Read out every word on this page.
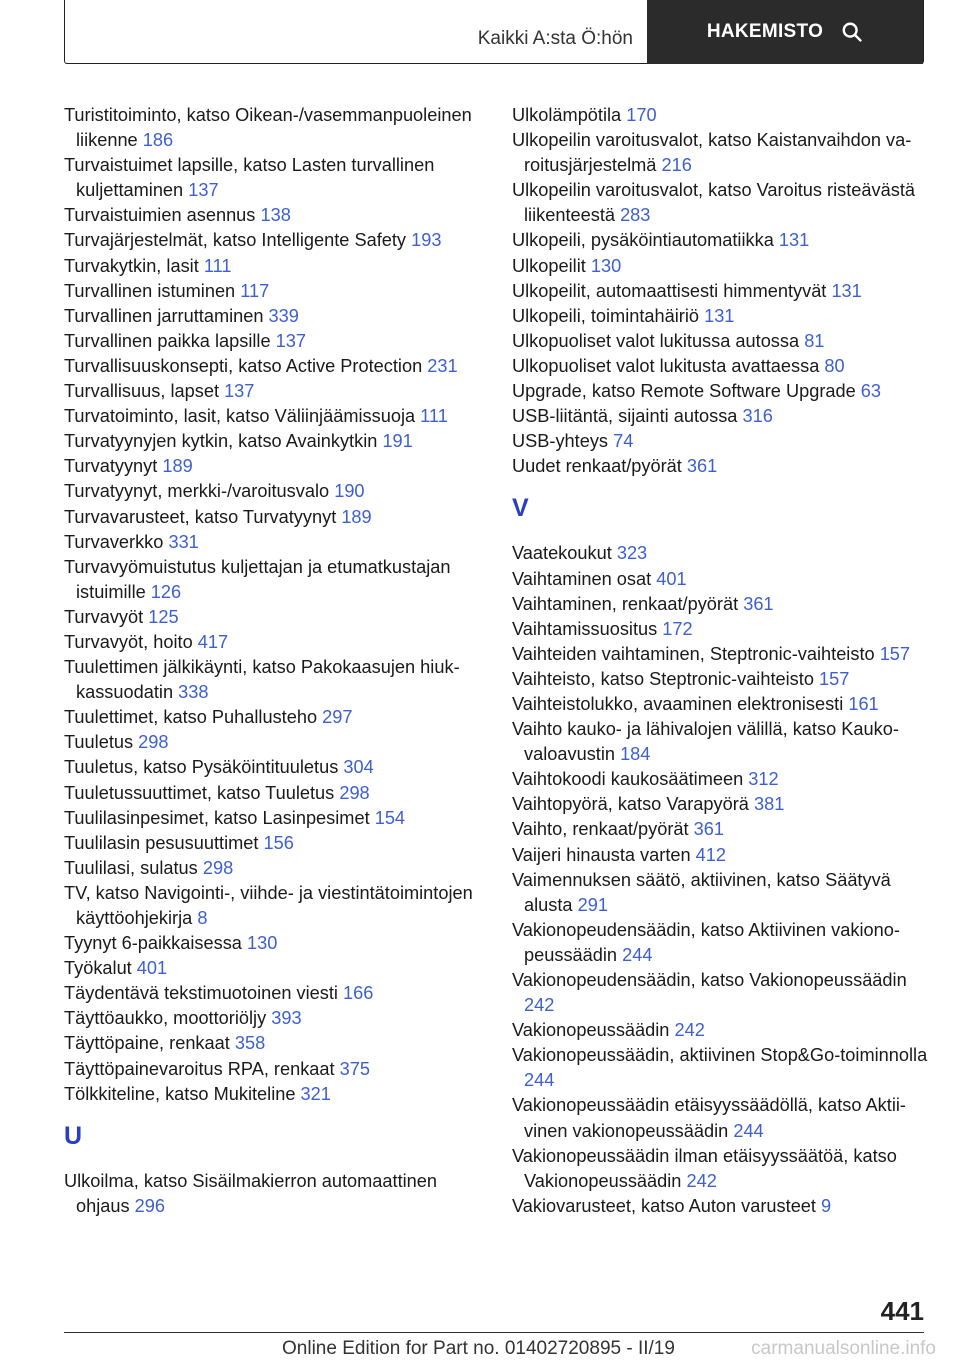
Kaikki A:sta Ö:hön	HAKEMISTO
Turistitoiminto, katso Oikean-/vasemmanpuoleinen liikenne 186
Turvaistuimet lapsille, katso Lasten turvallinen kuljettaminen 137
Turvaistuimien asennus 138
Turvajärjestelmät, katso Intelligente Safety 193
Turvakytkin, lasit 111
Turvallinen istuminen 117
Turvallinen jarruttaminen 339
Turvallinen paikka lapsille 137
Turvallisuuskonsepti, katso Active Protection 231
Turvallisuus, lapset 137
Turvatoiminto, lasit, katso Väliinjäämissuoja 111
Turvatyynyjen kytkin, katso Avainkytkin 191
Turvatyynyt 189
Turvatyynyt, merkki-/varoitusvalo 190
Turvavarusteet, katso Turvatyynyt 189
Turvaverkko 331
Turvavyömuistutus kuljettajan ja etumatkustajan istuimille 126
Turvavyöt 125
Turvavyöt, hoito 417
Tuulettimen jälkikäynti, katso Pakokaasujen hiukkassuodatin 338
Tuulettimet, katso Puhallusteho 297
Tuuletus 298
Tuuletus, katso Pysäköintituuletus 304
Tuuletussuuttimet, katso Tuuletus 298
Tuulilasinpesimet, katso Lasinpesimet 154
Tuulilasin pesusuuttimet 156
Tuulilasi, sulatus 298
TV, katso Navigointi-, viihde- ja viestintätoimintojen käyttöohjekirja 8
Tyynyt 6-paikkaisessa 130
Työkalut 401
Täydentävä tekstimuotoinen viesti 166
Täyttöaukko, moottoriöljy 393
Täyttöpaine, renkaat 358
Täyttöpainevaroitus RPA, renkaat 375
Tölkkiteline, katso Mukiteline 321
U
Ulkoilma, katso Sisäilmakierron automaattinen ohjaus 296
Ulkolämpötila 170
Ulkopeilin varoitusvalot, katso Kaistanvaihdon varoitusjärjestelmä 216
Ulkopeilin varoitusvalot, katso Varoitus risteävästä liikenteestä 283
Ulkopeili, pysäköintiautomatiikka 131
Ulkopeilit 130
Ulkopeilit, automaattisesti himmentyvät 131
Ulkopeili, toimintahäiriö 131
Ulkopuoliset valot lukitussa autossa 81
Ulkopuoliset valot lukitusta avattaessa 80
Upgrade, katso Remote Software Upgrade 63
USB-liitäntä, sijainti autossa 316
USB-yhteys 74
Uudet renkaat/pyörät 361
V
Vaatekoukut 323
Vaihtaminen osat 401
Vaihtaminen, renkaat/pyörät 361
Vaihtamissuositus 172
Vaihteiden vaihtaminen, Steptronic-vaihteisto 157
Vaihteisto, katso Steptronic-vaihteisto 157
Vaihteistolukko, avaaminen elektronisesti 161
Vaihto kauko- ja lähivalojen välillä, katso Kaukovaloavustin 184
Vaihtokoodi kaukosäätimeen 312
Vaihtopyörä, katso Varapyörä 381
Vaihto, renkaat/pyörät 361
Vaijeri hinausta varten 412
Vaimennuksen säätö, aktiivinen, katso Säätyvä alusta 291
Vakionopeudensäädin, katso Aktiivinen vakionopeussäädin 244
Vakionopeudensäädin, katso Vakionopeussäädin 242
Vakionopeussäädin 242
Vakionopeussäädin, aktiivinen Stop&Go-toiminnolla 244
Vakionopeussäädin etäisyyssäädöllä, katso Aktiivinen vakionopeussäädin 244
Vakionopeussäädin ilman etäisyyssäätöä, katso Vakionopeussäädin 242
Vakiovarusteet, katso Auton varusteet 9
441
Online Edition for Part no. 01402720895 - II/19	carmanualsonline.info
